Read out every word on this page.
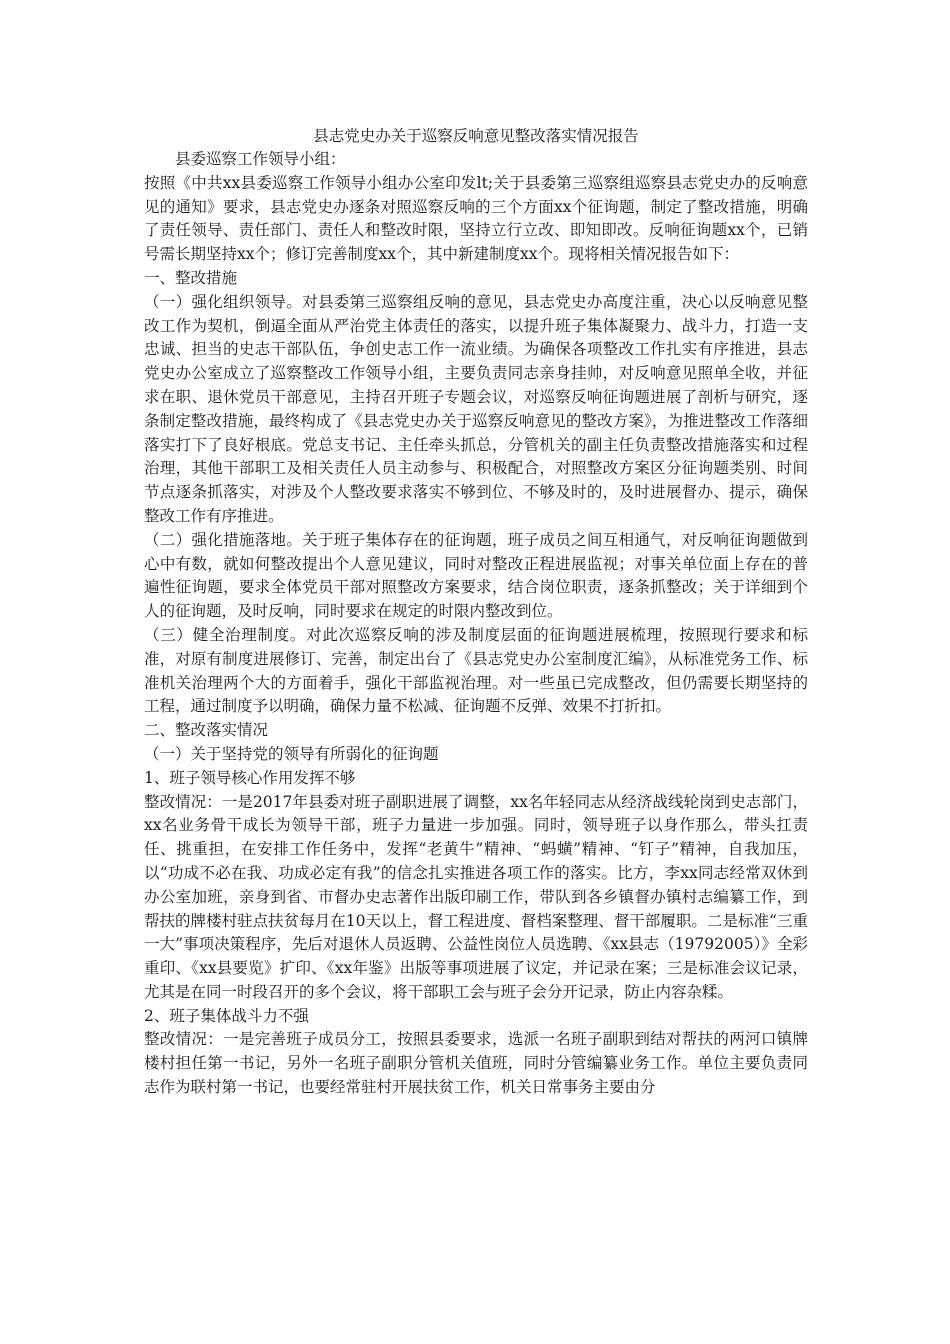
县志党史办关于巡察反响意见整改落实情况报告

县委巡察工作领导小组：

按照《中共xx县委巡察工作领导小组办公室印发lt;关于县委第三巡察组巡察县志党史办的反响意见的通知》要求，县志党史办逐条对照巡察反响的三个方面xx个征询题，制定了整改措施，明确了责任领导、责任部门、责任人和整改时限，坚持立行立改、即知即改。反响征询题xx个，已销号需长期坚持xx个；修订完善制度xx个，其中新建制度xx个。现将相关情况报告如下：

一、整改措施

（一）强化组织领导。对县委第三巡察组反响的意见，县志党史办高度注重，决心以反响意见整改工作为契机，倒逼全面从严治党主体责任的落实，以提升班子集体凝聚力、战斗力，打造一支忠诚、担当的史志干部队伍，争创史志工作一流业绩。为确保各项整改工作扎实有序推进，县志党史办公室成立了巡察整改工作领导小组，主要负责同志亲身挂帅，对反响意见照单全收，并征求在职、退休党员干部意见，主持召开班子专题会议，对巡察反响征询题进展了剖析与研究，逐条制定整改措施，最终构成了《县志党史办关于巡察反响意见的整改方案》，为推进整改工作落细落实打下了良好根底。党总支书记、主任牵头抓总，分管机关的副主任负责整改措施落实和过程治理，其他干部职工及相关责任人员主动参与、积极配合，对照整改方案区分征询题类别、时间节点逐条抓落实，对涉及个人整改要求落实不够到位、不够及时的，及时进展督办、提示，确保整改工作有序推进。

（二）强化措施落地。关于班子集体存在的征询题，班子成员之间互相通气，对反响征询题做到心中有数，就如何整改提出个人意见建议，同时对整改正程进展监视；对事关单位面上存在的普遍性征询题，要求全体党员干部对照整改方案要求，结合岗位职责，逐条抓整改；关于详细到个人的征询题，及时反响，同时要求在规定的时限内整改到位。

（三）健全治理制度。对此次巡察反响的涉及制度层面的征询题进展梳理，按照现行要求和标准，对原有制度进展修订、完善，制定出台了《县志党史办公室制度汇编》，从标准党务工作、标准机关治理两个大的方面着手，强化干部监视治理。对一些虽已完成整改，但仍需要长期坚持的工程，通过制度予以明确，确保力量不松减、征询题不反弹、效果不打折扣。

二、整改落实情况

（一）关于坚持党的领导有所弱化的征询题

1、班子领导核心作用发挥不够

整改情况：一是2017年县委对班子副职进展了调整，xx名年轻同志从经济战线轮岗到史志部门，xx名业务骨干成长为领导干部，班子力量进一步加强。同时，领导班子以身作那么，带头扛责任、挑重担，在安排工作任务中，发挥“老黄牛”精神、“蚂蟥”精神、“钉子”精神，自我加压，以“功成不必在我、功成必定有我”的信念扎实推进各项工作的落实。比方，李xx同志经常双休到办公室加班，亲身到省、市督办史志著作出版印刷工作，带队到各乡镇督办镇村志编纂工作，到帮扶的牌楼村驻点扶贫每月在10天以上，督工程进度、督档案整理、督干部履职。二是标准“三重一大”事项决策程序，先后对退休人员返聘、公益性岗位人员选聘、《xx县志（19792005）》全彩重印、《xx县要览》扩印、《xx年鉴》出版等事项进展了议定，并记录在案；三是标准会议记录，尤其是在同一时段召开的多个会议，将干部职工会与班子会分开记录，防止内容杂糅。

2、班子集体战斗力不强

整改情况：一是完善班子成员分工，按照县委要求，选派一名班子副职到结对帮扶的两河口镇牌楼村担任第一书记，另外一名班子副职分管机关值班，同时分管编纂业务工作。单位主要负责同志作为联村第一书记，也要经常驻村开展扶贫工作，机关日常事务主要由分
